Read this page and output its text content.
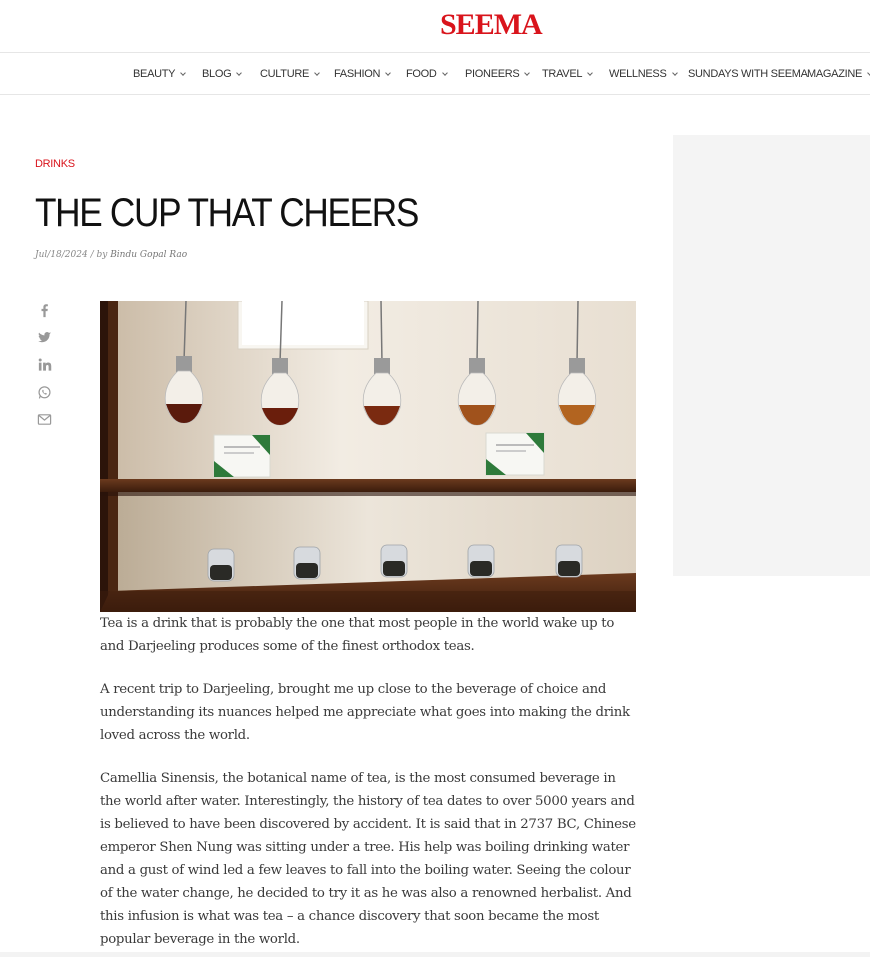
SEEMA
BEAUTY BLOG	CULTURE FASHION FOOD	PIONEERS TRAVEL WELLNESS SUNDAYS WITH SEEMA MAGAZINE
DRINKS
THE CUP THAT CHEERS
Jul/18/2024 / by Bindu Gopal Rao

Tea is a drink that is probably the one that most people in the world wake up to and Darjeeling produces some of the finest orthodox teas.

A recent trip to Darjeeling, brought me up close to the beverage of choice and understanding its nuances helped me appreciate what goes into making the drink loved across the world.

Camellia Sinensis, the botanical name of tea, is the most consumed beverage in the world after water. Interestingly, the history of tea dates to over 5000 years and is believed to have been discovered by accident. It is said that in 2737 BC, Chinese emperor Shen Nung was sitting under a tree. His help was boiling drinking water and a gust of wind led a few leaves to fall into the boiling water. Seeing the colour of the water change, he decided to try it as he was also a renowned herbalist. And this infusion is what was tea – a chance discovery that soon became the most popular beverage in the world.
